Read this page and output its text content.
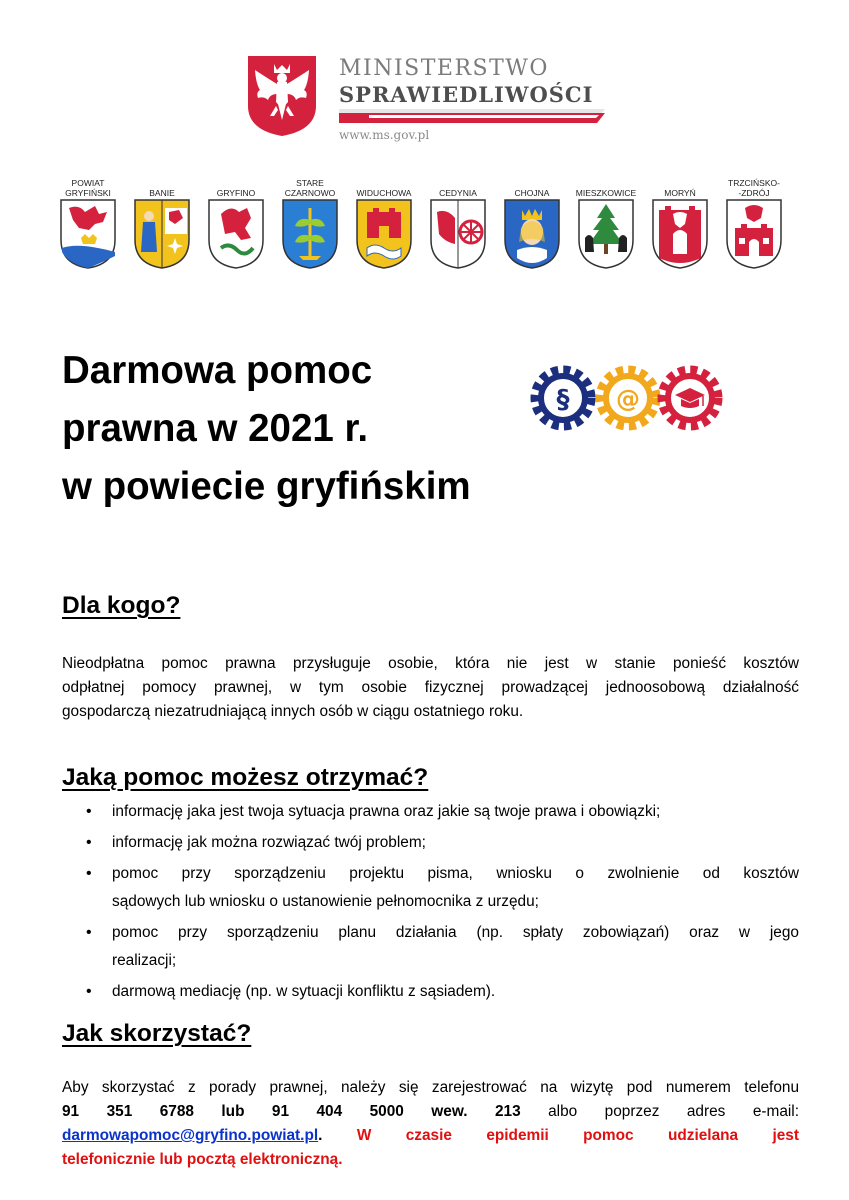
MINISTERSTWO
SPRAWIEDLIWOŚCI
www.ms.gov.pl
POWIAT
GRYFIŃSKI	BANIE	GRYFINO
STARE
CZARNOWO	WIDUCHOWA	CEDYNIA	CHOJNA	MIESZKOWICE	MORYŃ
TRZCIŃSKO-
-ZDRÓJ
Darmowa pomoc
prawna w 2021 r.
w powiecie gryfińskim
§ @
Dla kogo?

Nieodpłatna pomoc prawna przysługuje osobie, która nie jest w stanie ponieść kosztów
odpłatnej pomocy prawnej, w tym osobie fizycznej prowadzącej jednoosobową działalność
gospodarczą niezatrudniającą innych osób w ciągu ostatniego roku.

Jaką pomoc możesz otrzymać?
• informację jaka jest twoja sytuacja prawna oraz jakie są twoje prawa i obowiązki;
• informację jak można rozwiązać twój problem;
• pomoc przy sporządzeniu projektu pisma, wniosku o zwolnienie od kosztów
sądowych lub wniosku o ustanowienie pełnomocnika z urzędu;
• pomoc przy sporządzeniu planu działania (np. spłaty zobowiązań) oraz w jego
realizacji;
• darmową mediację (np. w sytuacji konfliktu z sąsiadem).
Jak skorzystać?

Aby skorzystać z porady prawnej, należy się zarejestrować na wizytę pod numerem telefonu
91   351   6788   lub   91   404   5000   wew.   213 albo   poprzez   adres   e-mail:
darmowapomoc@gryfino.powiat.pl. W   czasie   epidemii   pomoc   udzielana   jest
telefonicznie lub pocztą elektroniczną.
